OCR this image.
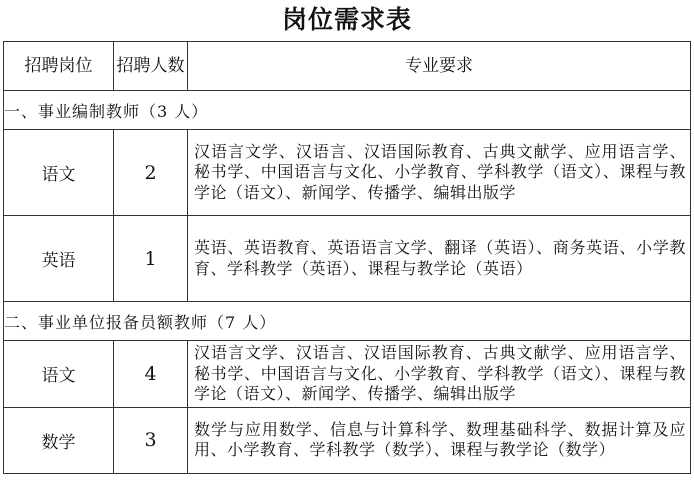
岗位需求表
招聘岗位	招聘人数	专业要求
一、事业编制教师（3 人）		
语文	2	汉语言文学、汉语言、汉语国际教育、古典文献学、应用语言学、秘书学、中国语言与文化、小学教育、学科教学（语文）、课程与教学论（语文）、新闻学、传播学、编辑出版学
英语	1	英语、英语教育、英语语言文学、翻译（英语）、商务英语、小学教育、学科教学（英语）、课程与教学论（英语）
二、事业单位报备员额教师（7 人）		
语文	4	汉语言文学、汉语言、汉语国际教育、古典文献学、应用语言学、秘书学、中国语言与文化、小学教育、学科教学（语文）、课程与教学论（语文）、新闻学、传播学、编辑出版学
数学	3	数学与应用数学、信息与计算科学、数理基础科学、数据计算及应用、小学教育、学科教学（数学）、课程与教学论（数学）
